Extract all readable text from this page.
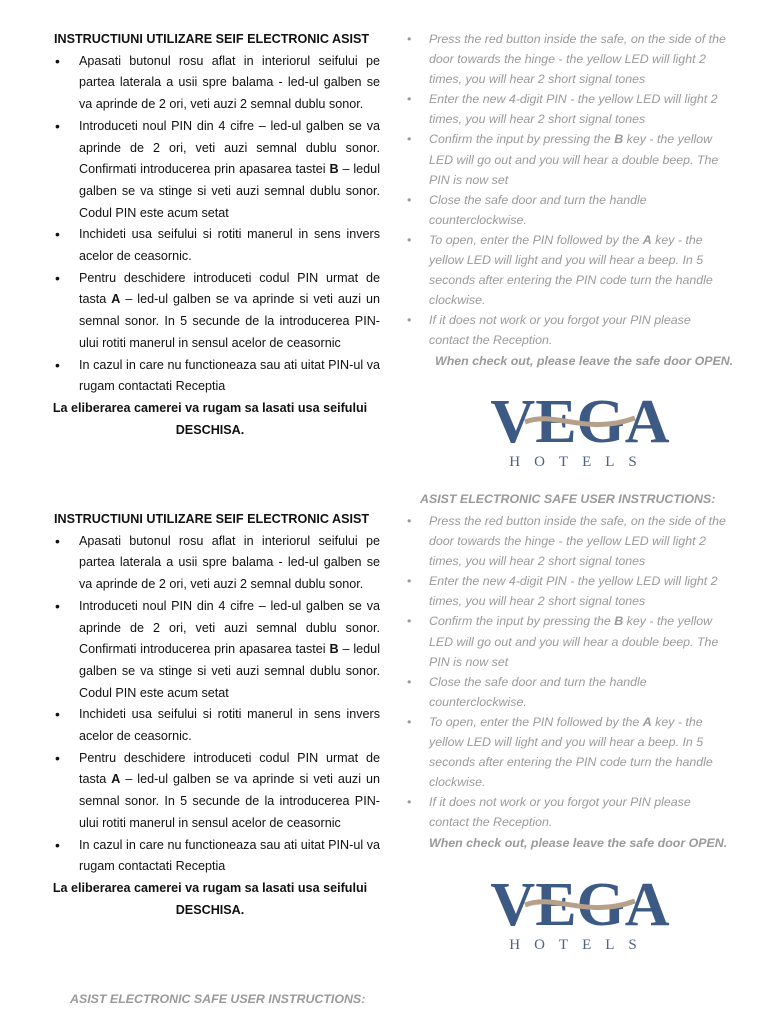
INSTRUCTIUNI UTILIZARE SEIF ELECTRONIC ASIST
• Apasati butonul rosu aflat in interiorul seifului pe partea laterala a usii spre balama - led-ul galben se va aprinde de 2 ori, veti auzi 2 semnal dublu sonor.
• Introduceti noul PIN din 4 cifre – led-ul galben se va aprinde de 2 ori, veti auzi semnal dublu sonor. Confirmati introducerea prin apasarea tastei B – ledul galben se va stinge si veti auzi semnal dublu sonor. Codul PIN este acum setat
• Inchideti usa seifului si rotiti manerul in sens invers acelor de ceasornic.
• Pentru deschidere introduceti codul PIN urmat de tasta A – led-ul galben se va aprinde si veti auzi un semnal sonor. In 5 secunde de la introducerea PIN-ului rotiti manerul in sensul acelor de ceasornic
• In cazul in care nu functioneaza sau ati uitat PIN-ul va rugam contactati Receptia

La eliberarea camerei va rugam sa lasati usa seifului DESCHISA.

INSTRUCTIUNI UTILIZARE SEIF ELECTRONIC ASIST
• Apasati butonul rosu aflat in interiorul seifului pe partea laterala a usii spre balama - led-ul galben se va aprinde de 2 ori, veti auzi 2 semnal dublu sonor.
• Introduceti noul PIN din 4 cifre – led-ul galben se va aprinde de 2 ori, veti auzi semnal dublu sonor. Confirmati introducerea prin apasarea tastei B – ledul galben se va stinge si veti auzi semnal dublu sonor. Codul PIN este acum setat
• Inchideti usa seifului si rotiti manerul in sens invers acelor de ceasornic.
• Pentru deschidere introduceti codul PIN urmat de tasta A – led-ul galben se va aprinde si veti auzi un semnal sonor. In 5 secunde de la introducerea PIN-ului rotiti manerul in sensul acelor de ceasornic
• In cazul in care nu functioneaza sau ati uitat PIN-ul va rugam contactati Receptia

La eliberarea camerei va rugam sa lasati usa seifului DESCHISA.

• Press the red button inside the safe, on the side of the door towards the hinge - the yellow LED will light 2 times, you will hear 2 short signal tones
• Enter the new 4-digit PIN - the yellow LED will light 2 times, you will hear 2 short signal tones
• Confirm the input by pressing the B key - the yellow LED will go out and you will hear a double beep. The PIN is now set
• Close the safe door and turn the handle counterclockwise.
• To open, enter the PIN followed by the A key - the yellow LED will light and you will hear a beep. In 5 seconds after entering the PIN code turn the handle clockwise.
• If it does not work or you forgot your PIN please contact the Reception.

When check out, please leave the safe door OPEN.

VEGA
HOTELS
ASIST ELECTRONIC SAFE USER INSTRUCTIONS:
• Press the red button inside the safe, on the side of the door towards the hinge - the yellow LED will light 2 times, you will hear 2 short signal tones
• Enter the new 4-digit PIN - the yellow LED will light 2 times, you will hear 2 short signal tones
• Confirm the input by pressing the B key - the yellow LED will go out and you will hear a double beep. The PIN is now set
• Close the safe door and turn the handle counterclockwise.
• To open, enter the PIN followed by the A key - the yellow LED will light and you will hear a beep. In 5 seconds after entering the PIN code turn the handle clockwise.
• If it does not work or you forgot your PIN please contact the Reception.

When check out, please leave the safe door OPEN.

VEGA
HOTELS
ASIST ELECTRONIC SAFE USER INSTRUCTIONS:
